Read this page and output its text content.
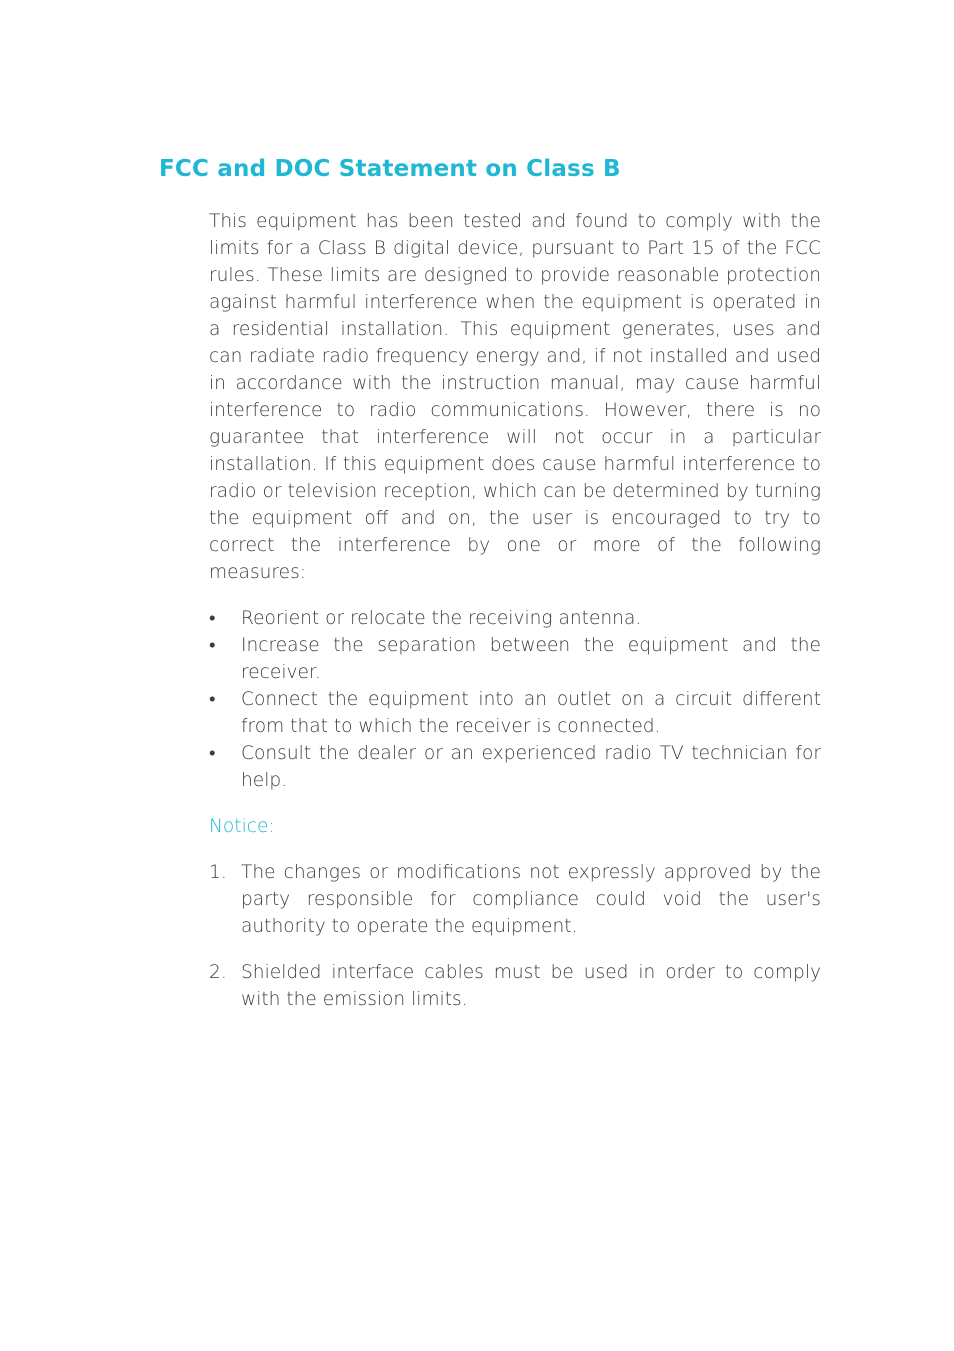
FCC and DOC Statement on Class B

This equipment has been tested and found to comply with the limits for a Class B digital device, pursuant to Part 15 of the FCC rules. These limits are designed to provide reasonable protection against harmful interference when the equipment is operated in a residential installation. This equipment generates, uses and can radiate radio frequency energy and, if not installed and used in accordance with the instruction manual, may cause harmful interference to radio communications. However, there is no guarantee that interference will not occur in a particular installation. If this equipment does cause harmful interference to radio or television reception, which can be determined by turning the equipment off and on, the user is encouraged to try to correct the interference by one or more of the following measures:

• Reorient or relocate the receiving antenna.
• Increase the separation between the equipment and the receiver.
• Connect the equipment into an outlet on a circuit different from that to which the receiver is connected.
• Consult the dealer or an experienced radio TV technician for help.

Notice:

1. The changes or modifications not expressly approved by the party responsible for compliance could void the user's authority to operate the equipment.
2. Shielded interface cables must be used in order to comply with the emission limits.
